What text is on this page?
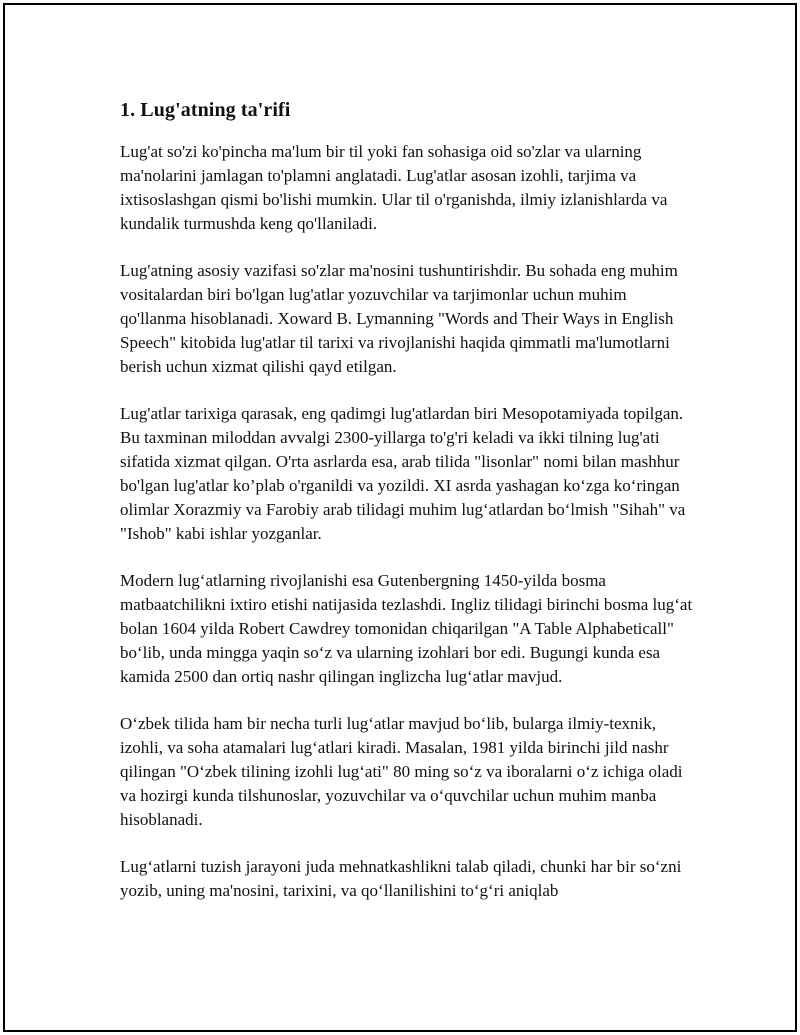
1. Lug'atning ta'rifi

Lug'at so'zi ko'pincha ma'lum bir til yoki fan sohasiga oid so'zlar va ularning ma'nolarini jamlagan to'plamni anglatadi. Lug'atlar asosan izohli, tarjima va ixtisoslashgan qismi bo'lishi mumkin. Ular til o'rganishda, ilmiy izlanishlarda va kundalik turmushda keng qo'llaniladi.

Lug'atning asosiy vazifasi so'zlar ma'nosini tushuntirishdir. Bu sohada eng muhim vositalardan biri bo'lgan lug'atlar yozuvchilar va tarjimonlar uchun muhim qo'llanma hisoblanadi. Xoward B. Lymanning "Words and Their Ways in English Speech" kitobida lug'atlar til tarixi va rivojlanishi haqida qimmatli ma'lumotlarni berish uchun xizmat qilishi qayd etilgan.

Lug'atlar tarixiga qarasak, eng qadimgi lug'atlardan biri Mesopotamiyada topilgan. Bu taxminan miloddan avvalgi 2300-yillarga to'g'ri keladi va ikki tilning lug'ati sifatida xizmat qilgan. O'rta asrlarda esa, arab tilida "lisonlar" nomi bilan mashhur bo'lgan lug'atlar ko’plab o'rganildi va yozildi. XI asrda yashagan ko‘zga ko‘ringan olimlar Xorazmiy va Farobiy arab tilidagi muhim lug‘atlardan bo‘lmish "Sihah" va "Ishob" kabi ishlar yozganlar.

Modern lug‘atlarning rivojlanishi esa Gutenbergning 1450-yilda bosma matbaatchilikni ixtiro etishi natijasida tezlashdi. Ingliz tilidagi birinchi bosma lug‘at bolan 1604 yilda Robert Cawdrey tomonidan chiqarilgan "A Table Alphabeticall" bo‘lib, unda mingga yaqin so‘z va ularning izohlari bor edi. Bugungi kunda esa kamida 2500 dan ortiq nashr qilingan inglizcha lug‘atlar mavjud.

O‘zbek tilida ham bir necha turli lug‘atlar mavjud bo‘lib, bularga ilmiy-texnik, izohli, va soha atamalari lug‘atlari kiradi. Masalan, 1981 yilda birinchi jild nashr qilingan "O‘zbek tilining izohli lug‘ati" 80 ming so‘z va iboralarni o‘z ichiga oladi va hozirgi kunda tilshunoslar, yozuvchilar va o‘quvchilar uchun muhim manba hisoblanadi.

Lug‘atlarni tuzish jarayoni juda mehnatkashlikni talab qiladi, chunki har bir so‘zni yozib, uning ma'nosini, tarixini, va qo‘llanilishini to‘g‘ri aniqlab
